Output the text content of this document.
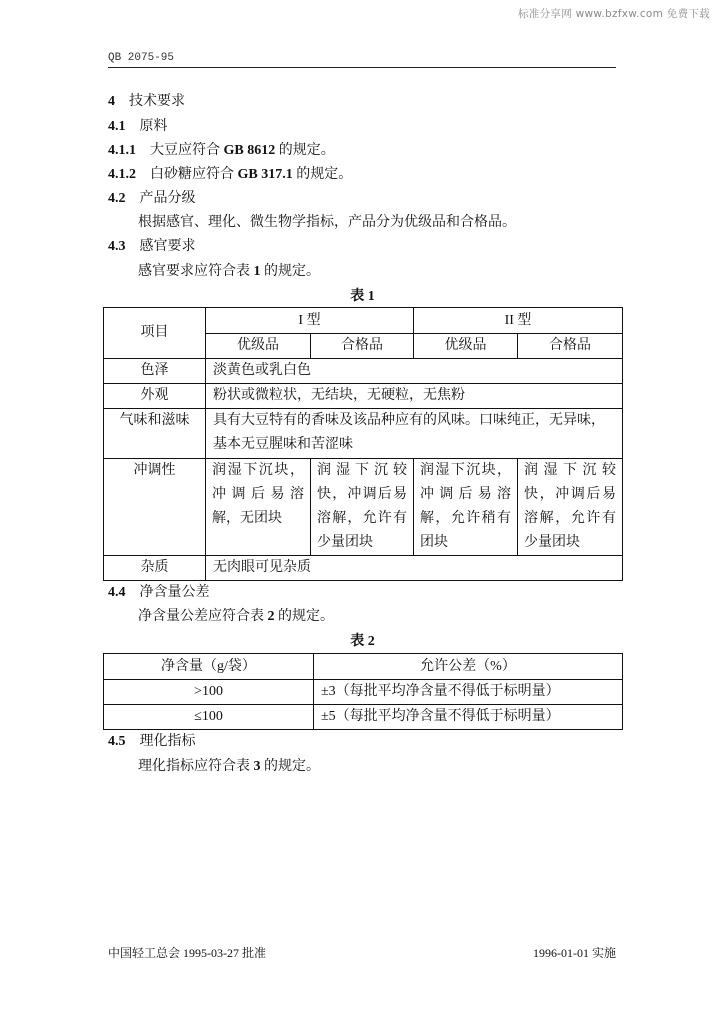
标准分享网 www.bzfxw.com 免费下载
QB 2075-95
4 技术要求
4.1 原料
4.1.1 大豆应符合 GB 8612 的规定。
4.1.2 白砂糖应符合 GB 317.1 的规定。
4.2 产品分级
根据感官、理化、微生物学指标，产品分为优级品和合格品。
4.3 感官要求
感官要求应符合表 1 的规定。
表 1
项目	I 型		II 型	
	优级品	合格品	优级品	合格品
色泽	淡黄色或乳白色			
外观	粉状或微粒状，无结块，无硬粒，无焦粉			
气味和滋味	具有大豆特有的香味及该品种应有的风味。口味纯正，无异味，
基本无豆腥味和苦涩味			

冲调性	润湿下沉块，
冲调后易溶
解，无团块	润湿下沉较
快，冲调后易
溶解，允许有
少量团块	润湿下沉块，
冲调后易溶
解，允许稍有
团块	润湿下沉较
快，冲调后易
溶解，允许有
少量团块

杂质	无肉眼可见杂质			
4.4 净含量公差
净含量公差应符合表 2 的规定。
表 2
净含量（g/袋）	允许公差（%）
>100	±3（每批平均净含量不得低于标明量）
≤100	±5（每批平均净含量不得低于标明量）
4.5 理化指标
理化指标应符合表 3 的规定。
中国轻工总会 1995-03-27 批准	1996-01-01 实施
